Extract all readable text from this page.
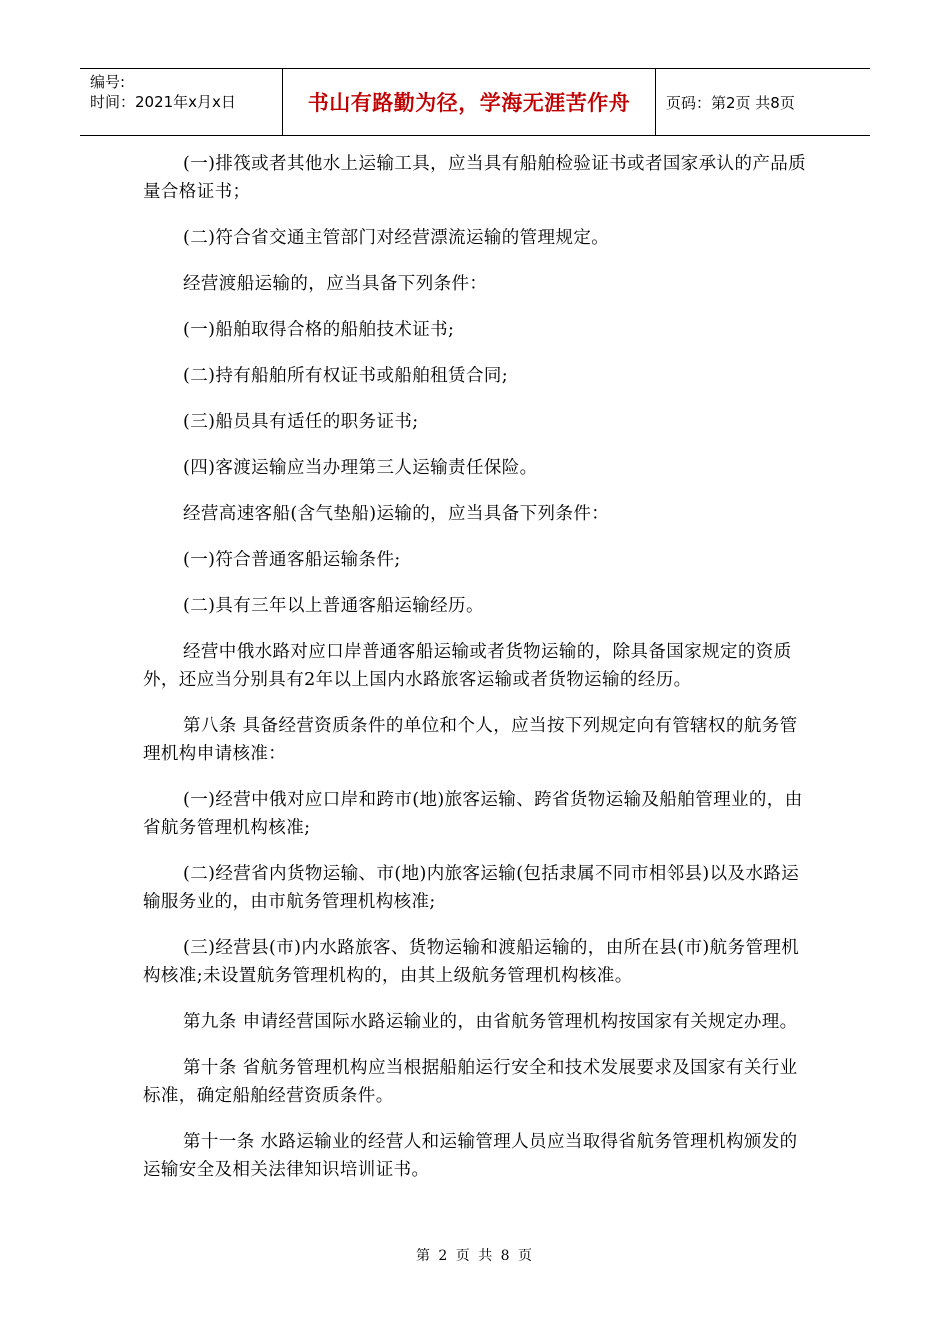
编号:
时间：2021年x月x日	书山有路勤为径，学海无涯苦作舟	页码：第2页 共8页

(一)排筏或者其他水上运输工具，应当具有船舶检验证书或者国家承认的产品质量合格证书；

(二)符合省交通主管部门对经营漂流运输的管理规定。

经营渡船运输的，应当具备下列条件：

(一)船舶取得合格的船舶技术证书;

(二)持有船舶所有权证书或船舶租赁合同;

(三)船员具有适任的职务证书;

(四)客渡运输应当办理第三人运输责任保险。

经营高速客船(含气垫船)运输的，应当具备下列条件：

(一)符合普通客船运输条件;

(二)具有三年以上普通客船运输经历。

经营中俄水路对应口岸普通客船运输或者货物运输的，除具备国家规定的资质外，还应当分别具有2年以上国内水路旅客运输或者货物运输的经历。

第八条 具备经营资质条件的单位和个人，应当按下列规定向有管辖权的航务管理机构申请核准：

(一)经营中俄对应口岸和跨市(地)旅客运输、跨省货物运输及船舶管理业的，由省航务管理机构核准;

(二)经营省内货物运输、市(地)内旅客运输(包括隶属不同市相邻县)以及水路运输服务业的，由市航务管理机构核准;

(三)经营县(市)内水路旅客、货物运输和渡船运输的，由所在县(市)航务管理机构核准;未设置航务管理机构的，由其上级航务管理机构核准。

第九条 申请经营国际水路运输业的，由省航务管理机构按国家有关规定办理。

第十条 省航务管理机构应当根据船舶运行安全和技术发展要求及国家有关行业标准，确定船舶经营资质条件。

第十一条 水路运输业的经营人和运输管理人员应当取得省航务管理机构颁发的运输安全及相关法律知识培训证书。

第 2 页 共 8 页
